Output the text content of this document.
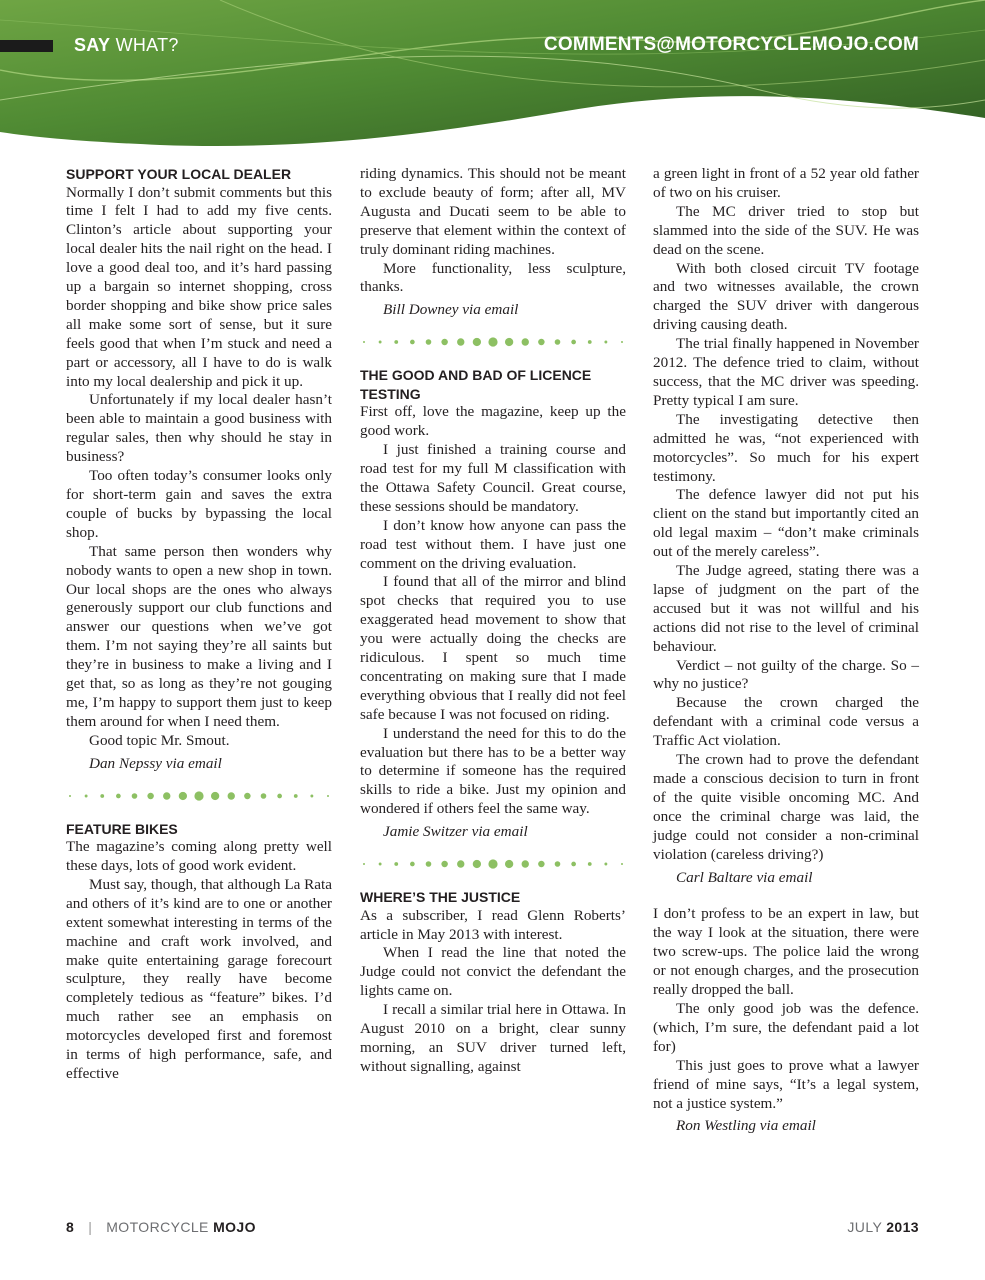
SAY WHAT?	COMMENTS@MOTORCYCLEMOJO.COM
SUPPORT YOUR LOCAL DEALER

Normally I don’t submit comments but this time I felt I had to add my five cents. Clinton’s article about supporting your local dealer hits the nail right on the head. I love a good deal too, and it’s hard passing up a bargain so internet shopping, cross border shopping and bike show price sales all make some sort of sense, but it sure feels good that when I’m stuck and need a part or accessory, all I have to do is walk into my local dealership and pick it up.

Unfortunately if my local dealer hasn’t been able to maintain a good business with regular sales, then why should he stay in business?

Too often today’s consumer looks only for short-term gain and saves the extra couple of bucks by bypassing the local shop.

That same person then wonders why nobody wants to open a new shop in town. Our local shops are the ones who always generously support our club functions and answer our questions when we’ve got them. I’m not saying they’re all saints but they’re in business to make a living and I get that, so as long as they’re not gouging me, I’m happy to support them just to keep them around for when I need them.

Good topic Mr. Smout.

Dan Nepssy via email

FEATURE BIKES

The magazine’s coming along pretty well these days, lots of good work evident.

Must say, though, that although La Rata and others of it’s kind are to one or another extent somewhat interesting in terms of the machine and craft work involved, and make quite entertaining garage forecourt sculpture, they really have become completely tedious as “feature” bikes. I’d much rather see an emphasis on motorcycles developed first and foremost in terms of high performance, safe, and effective

riding dynamics. This should not be meant to exclude beauty of form; after all, MV Augusta and Ducati seem to be able to preserve that element within the context of truly dominant riding machines.

More functionality, less sculpture, thanks.

Bill Downey via email

THE GOOD AND BAD OF LICENCE TESTING

First off, love the magazine, keep up the good work.

I just finished a training course and road test for my full M classification with the Ottawa Safety Council. Great course, these sessions should be mandatory.

I don’t know how anyone can pass the road test without them. I have just one comment on the driving evaluation.

I found that all of the mirror and blind spot checks that required you to use exaggerated head movement to show that you were actually doing the checks are ridiculous. I spent so much time concentrating on making sure that I made everything obvious that I really did not feel safe because I was not focused on riding.

I understand the need for this to do the evaluation but there has to be a better way to determine if someone has the required skills to ride a bike. Just my opinion and wondered if others feel the same way.

Jamie Switzer via email

WHERE’S THE JUSTICE

As a subscriber, I read Glenn Roberts’ article in May 2013 with interest.

When I read the line that noted the Judge could not convict the defendant the lights came on.

I recall a similar trial here in Ottawa. In August 2010 on a bright, clear sunny morning, an SUV driver turned left, without signalling, against

a green light in front of a 52 year old father of two on his cruiser.

The MC driver tried to stop but slammed into the side of the SUV. He was dead on the scene.

With both closed circuit TV footage and two witnesses available, the crown charged the SUV driver with dangerous driving causing death.

The trial finally happened in November 2012. The defence tried to claim, without success, that the MC driver was speeding. Pretty typical I am sure.

The investigating detective then admitted he was, “not experienced with motorcycles”. So much for his expert testimony.

The defence lawyer did not put his client on the stand but importantly cited an old legal maxim – “don’t make criminals out of the merely careless”.

The Judge agreed, stating there was a lapse of judgment on the part of the accused but it was not willful and his actions did not rise to the level of criminal behaviour.

Verdict – not guilty of the charge. So – why no justice?

Because the crown charged the defendant with a criminal code versus a Traffic Act violation.

The crown had to prove the defendant made a conscious decision to turn in front of the quite visible oncoming MC. And once the criminal charge was laid, the judge could not consider a non-criminal violation (careless driving?)

Carl Baltare via email

I don’t profess to be an expert in law, but the way I look at the situation, there were two screw-ups. The police laid the wrong or not enough charges, and the prosecution really dropped the ball.

The only good job was the defence. (which, I’m sure, the defendant paid a lot for)

This just goes to prove what a lawyer friend of mine says, “It’s a legal system, not a justice system.”

Ron Westling via email

8 | MOTORCYCLE MOJO	JULY 2013
